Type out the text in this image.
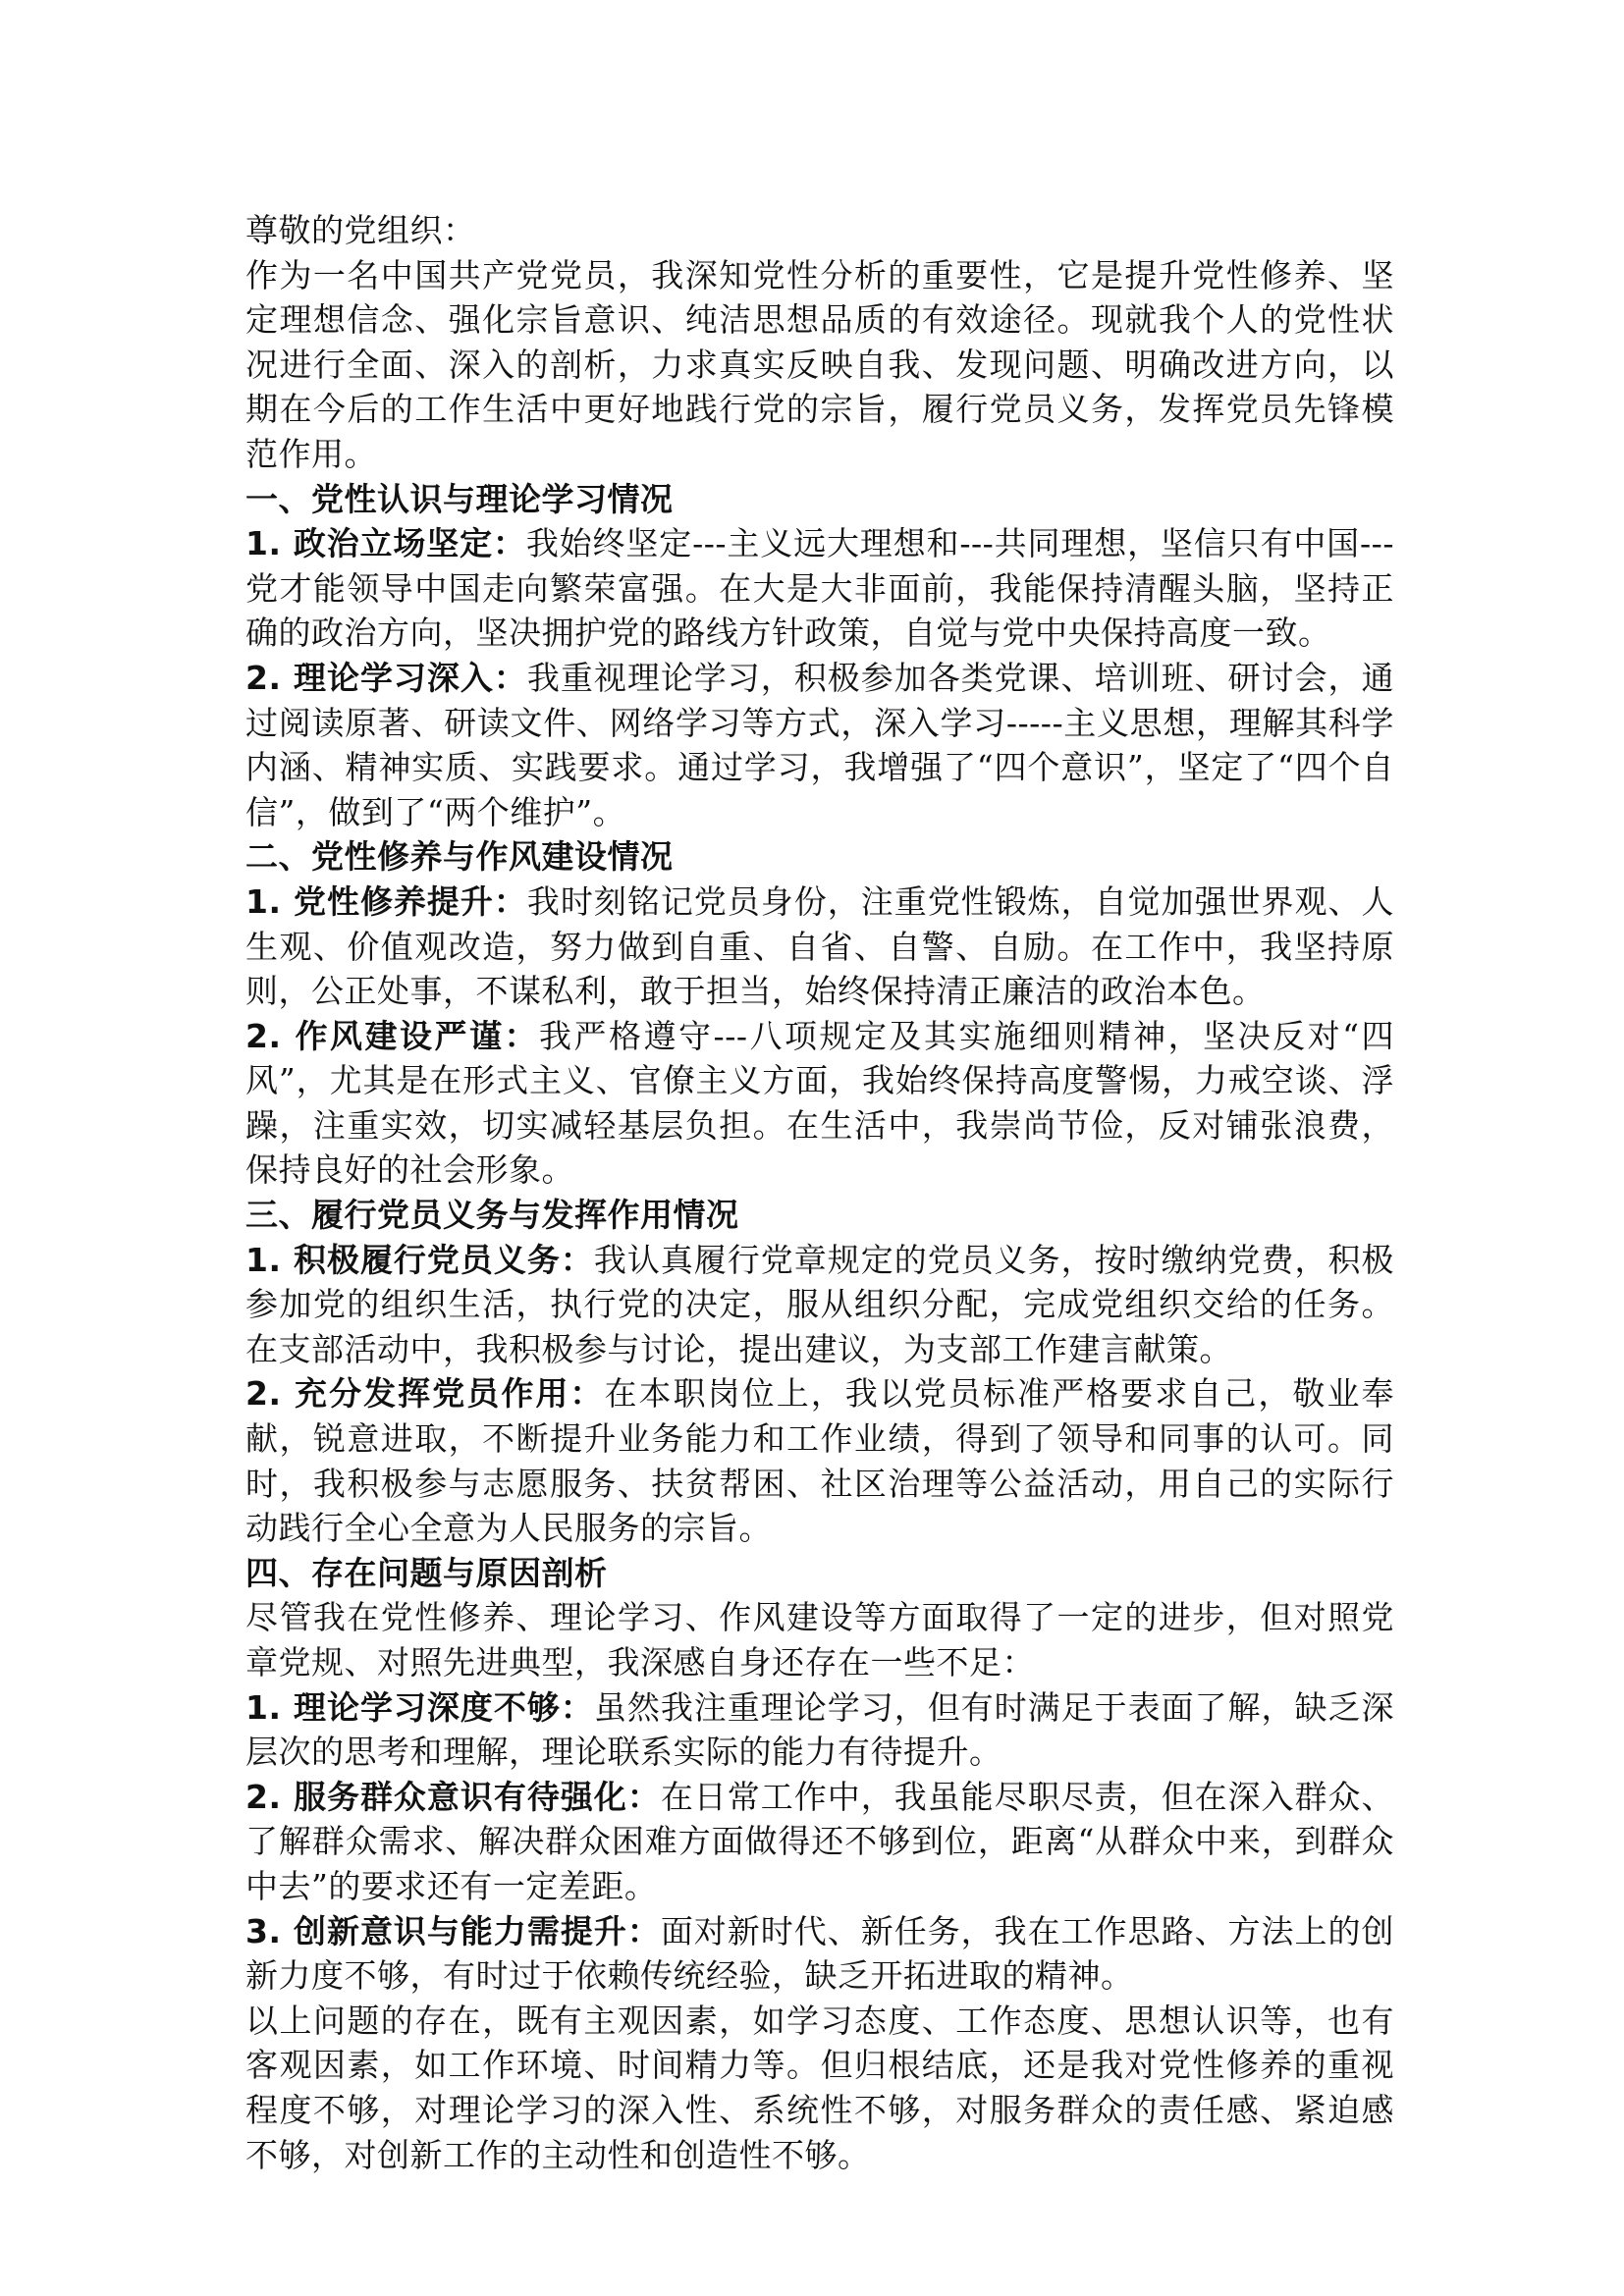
尊敬的党组织：

作为一名中国共产党党员，我深知党性分析的重要性，它是提升党性修养、坚定理想信念、强化宗旨意识、纯洁思想品质的有效途径。现就我个人的党性状况进行全面、深入的剖析，力求真实反映自我、发现问题、明确改进方向，以期在今后的工作生活中更好地践行党的宗旨，履行党员义务，发挥党员先锋模范作用。

一、党性认识与理论学习情况

1. 政治立场坚定：我始终坚定---主义远大理想和---共同理想，坚信只有中国---党才能领导中国走向繁荣富强。在大是大非面前，我能保持清醒头脑，坚持正确的政治方向，坚决拥护党的路线方针政策，自觉与党中央保持高度一致。

2. 理论学习深入：我重视理论学习，积极参加各类党课、培训班、研讨会，通过阅读原著、研读文件、网络学习等方式，深入学习-----主义思想，理解其科学内涵、精神实质、实践要求。通过学习，我增强了“四个意识”，坚定了“四个自信”，做到了“两个维护”。

二、党性修养与作风建设情况

1. 党性修养提升：我时刻铭记党员身份，注重党性锻炼，自觉加强世界观、人生观、价值观改造，努力做到自重、自省、自警、自励。在工作中，我坚持原则，公正处事，不谋私利，敢于担当，始终保持清正廉洁的政治本色。

2. 作风建设严谨：我严格遵守---八项规定及其实施细则精神，坚决反对“四风”，尤其是在形式主义、官僚主义方面，我始终保持高度警惕，力戒空谈、浮躁，注重实效，切实减轻基层负担。在生活中，我崇尚节俭，反对铺张浪费，保持良好的社会形象。

三、履行党员义务与发挥作用情况

1. 积极履行党员义务：我认真履行党章规定的党员义务，按时缴纳党费，积极参加党的组织生活，执行党的决定，服从组织分配，完成党组织交给的任务。在支部活动中，我积极参与讨论，提出建议，为支部工作建言献策。

2. 充分发挥党员作用：在本职岗位上，我以党员标准严格要求自己，敬业奉献，锐意进取，不断提升业务能力和工作业绩，得到了领导和同事的认可。同时，我积极参与志愿服务、扶贫帮困、社区治理等公益活动，用自己的实际行动践行全心全意为人民服务的宗旨。

四、存在问题与原因剖析

尽管我在党性修养、理论学习、作风建设等方面取得了一定的进步，但对照党章党规、对照先进典型，我深感自身还存在一些不足：

1. 理论学习深度不够：虽然我注重理论学习，但有时满足于表面了解，缺乏深层次的思考和理解，理论联系实际的能力有待提升。

2. 服务群众意识有待强化：在日常工作中，我虽能尽职尽责，但在深入群众、了解群众需求、解决群众困难方面做得还不够到位，距离“从群众中来，到群众中去”的要求还有一定差距。

3. 创新意识与能力需提升：面对新时代、新任务，我在工作思路、方法上的创新力度不够，有时过于依赖传统经验，缺乏开拓进取的精神。

以上问题的存在，既有主观因素，如学习态度、工作态度、思想认识等，也有客观因素，如工作环境、时间精力等。但归根结底，还是我对党性修养的重视程度不够，对理论学习的深入性、系统性不够，对服务群众的责任感、紧迫感不够，对创新工作的主动性和创造性不够。
